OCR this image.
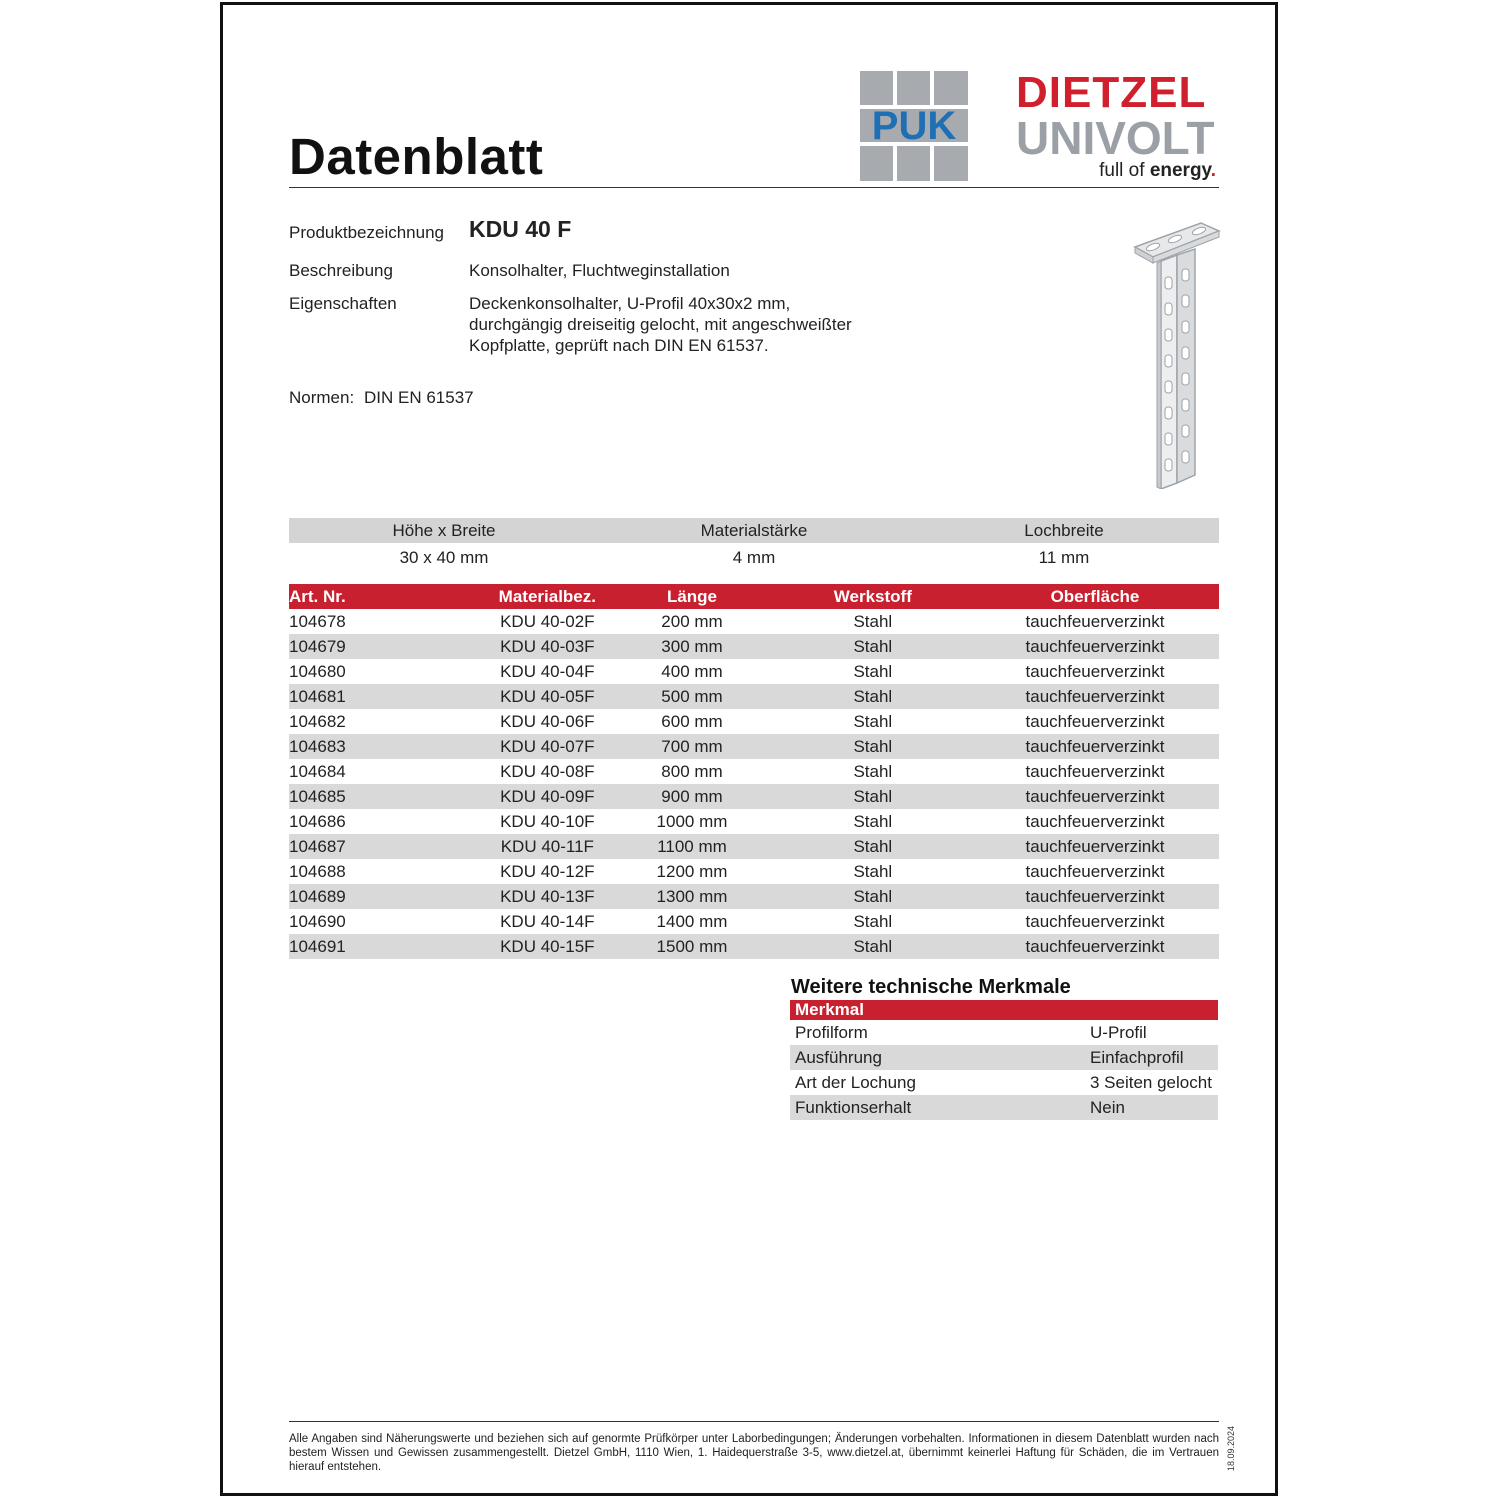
Datenblatt
PUK
DIETZEL
UNIVOLT
full of energy.
Produktbezeichnung KDU 40 F
Beschreibung	Konsolhalter, Fluchtweginstallation
Eigenschaften	Deckenkonsolhalter, U-Profil 40x30x2 mm,
durchgängig dreiseitig gelocht, mit angeschweißter
Kopfplatte, geprüft nach DIN EN 61537.
Normen: DIN EN 61537
Höhe x Breite	Materialstärke	Lochbreite
30 x 40 mm	4 mm	11 mm
Art. Nr.	Materialbez.	Länge	Werkstoff	Oberfläche
104678	KDU 40-02F	200 mm	Stahl	tauchfeuerverzinkt
104679	KDU 40-03F	300 mm	Stahl	tauchfeuerverzinkt
104680	KDU 40-04F	400 mm	Stahl	tauchfeuerverzinkt
104681	KDU 40-05F	500 mm	Stahl	tauchfeuerverzinkt
104682	KDU 40-06F	600 mm	Stahl	tauchfeuerverzinkt
104683	KDU 40-07F	700 mm	Stahl	tauchfeuerverzinkt
104684	KDU 40-08F	800 mm	Stahl	tauchfeuerverzinkt
104685	KDU 40-09F	900 mm	Stahl	tauchfeuerverzinkt
104686	KDU 40-10F	1000 mm	Stahl	tauchfeuerverzinkt
104687	KDU 40-11F	1100 mm	Stahl	tauchfeuerverzinkt
104688	KDU 40-12F	1200 mm	Stahl	tauchfeuerverzinkt
104689	KDU 40-13F	1300 mm	Stahl	tauchfeuerverzinkt
104690	KDU 40-14F	1400 mm	Stahl	tauchfeuerverzinkt
104691	KDU 40-15F	1500 mm	Stahl	tauchfeuerverzinkt
Weitere technische Merkmale
Merkmal	
Profilform	U-Profil
Ausführung	Einfachprofil
Art der Lochung	3 Seiten gelocht
Funktionserhalt	Nein
Alle Angaben sind Näherungswerte und beziehen sich auf genormte Prüfkörper unter Laborbedingungen; Änderungen vorbehalten. Informationen in diesem Datenblatt wurden nach bestem Wissen und Gewissen zusammengestellt. Dietzel GmbH, 1110 Wien, 1. Haidequerstraße 3-5, www.dietzel.at, übernimmt keinerlei Haftung für Schäden, die im Vertrauen hierauf entstehen.	18.09.2024
